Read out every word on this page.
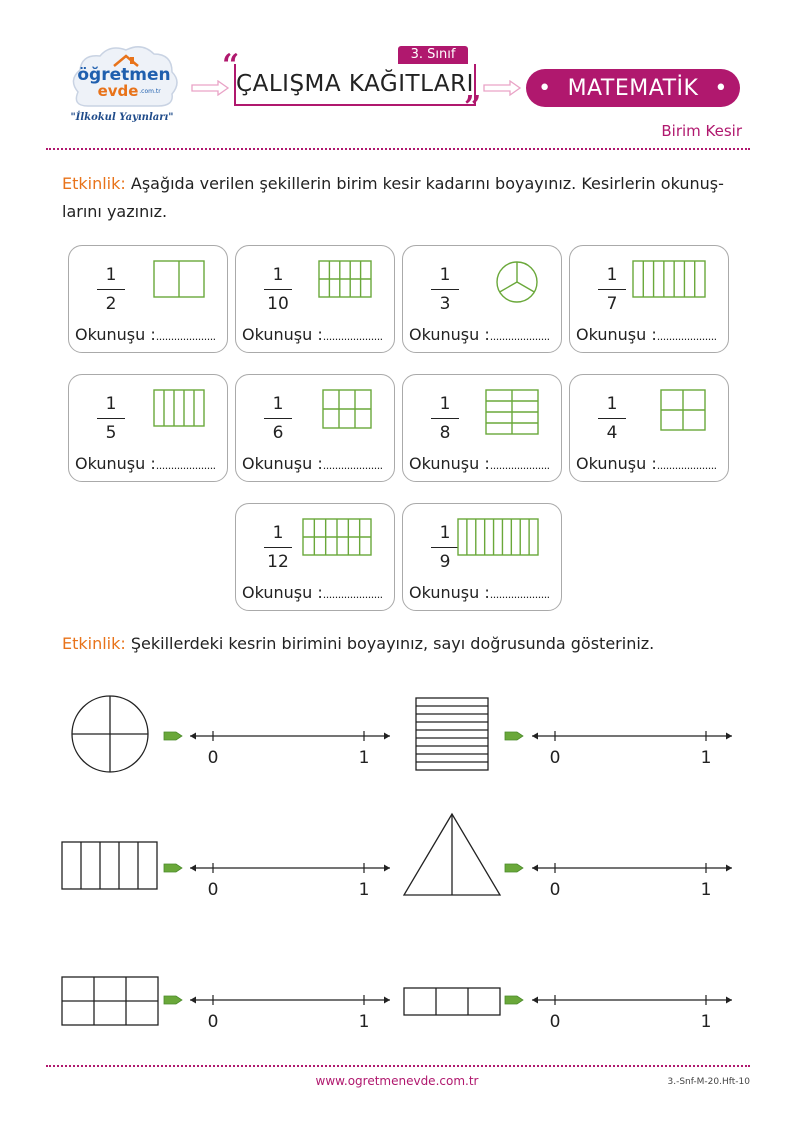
öğretmen
evde .com.tr
"İlkokul Yayınları"
3. Sınıf
“
ÇALIŞMA KAĞITLARI
”
• MATEMATİK •
Birim Kesir
Etkinlik: Aşağıda verilen şekillerin birim kesir kadarını boyayınız. Kesirlerin okunuş-
larını yazınız.
1
2
Okunuşu :....................
1
10
Okunuşu :....................
1
3
Okunuşu :....................
1
7
Okunuşu :....................
1
5
Okunuşu :....................
1
6
Okunuşu :....................
1
8
Okunuşu :....................
1
4
Okunuşu :....................
1
12
Okunuşu :....................
1
9
Okunuşu :....................
Etkinlik: Şekillerdeki kesrin birimini boyayınız, sayı doğrusunda gösteriniz.
0	1	0	1
0	1	0	1
0	1	0	1
www.ogretmenevde.com.tr	3.-Snf-M-20.Hft-10
